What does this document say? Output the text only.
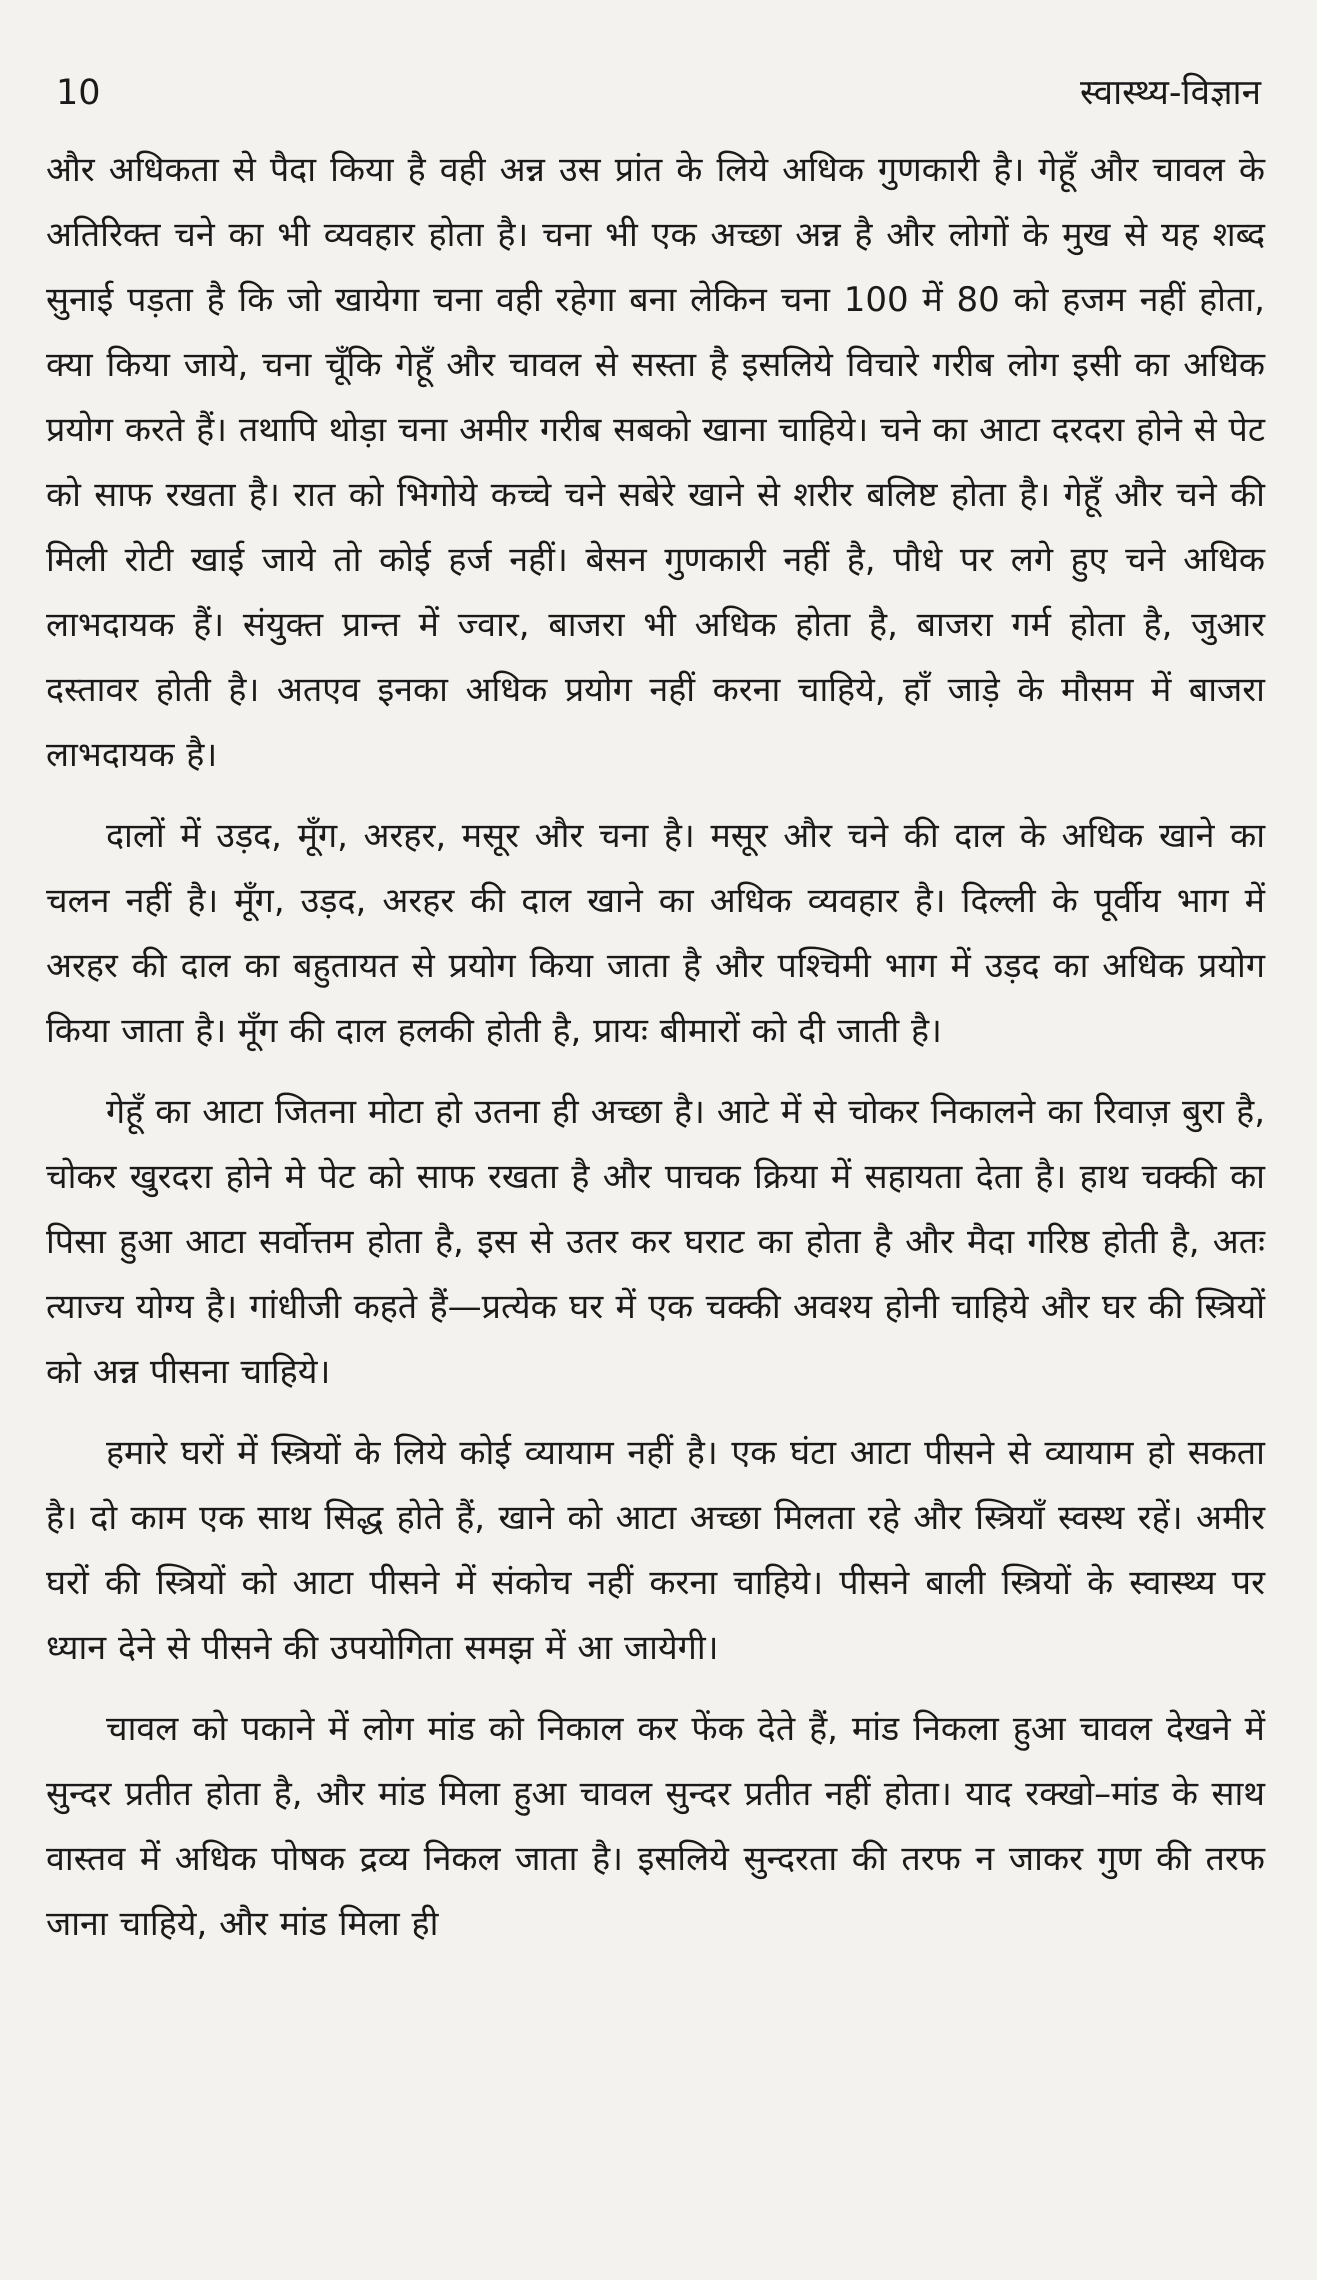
10	स्वास्थ्य-विज्ञान

और अधिकता से पैदा किया है वही अन्न उस प्रांत के लिये अधिक गुणकारी है। गेहूँ और चावल के अतिरिक्त चने का भी व्यवहार होता है। चना भी एक अच्छा अन्न है और लोगों के मुख से यह शब्द सुनाई पड़ता है कि जो खायेगा चना वही रहेगा बना लेकिन चना 100 में 80 को हजम नहीं होता, क्या किया जाये, चना चूँकि गेहूँ और चावल से सस्ता है इसलिये विचारे गरीब लोग इसी का अधिक प्रयोग करते हैं। तथापि थोड़ा चना अमीर गरीब सबको खाना चाहिये। चने का आटा दरदरा होने से पेट को साफ रखता है। रात को भिगोये कच्चे चने सबेरे खाने से शरीर बलिष्ट होता है। गेहूँ और चने की मिली रोटी खाई जाये तो कोई हर्ज नहीं। बेसन गुणकारी नहीं है, पौधे पर लगे हुए चने अधिक लाभदायक हैं। संयुक्त प्रान्त में ज्वार, बाजरा भी अधिक होता है, बाजरा गर्म होता है, जुआर दस्तावर होती है। अतएव इनका अधिक प्रयोग नहीं करना चाहिये, हाँ जाड़े के मौसम में बाजरा लाभदायक है।

दालों में उड़द, मूँग, अरहर, मसूर और चना है। मसूर और चने की दाल के अधिक खाने का चलन नहीं है। मूँग, उड़द, अरहर की दाल खाने का अधिक व्यवहार है। दिल्ली के पूर्वीय भाग में अरहर की दाल का बहुतायत से प्रयोग किया जाता है और पश्चिमी भाग में उड़द का अधिक प्रयोग किया जाता है। मूँग की दाल हलकी होती है, प्रायः बीमारों को दी जाती है।

गेहूँ का आटा जितना मोटा हो उतना ही अच्छा है। आटे में से चोकर निकालने का रिवाज़ बुरा है, चोकर खुरदरा होने मे पेट को साफ रखता है और पाचक क्रिया में सहायता देता है। हाथ चक्की का पिसा हुआ आटा सर्वोत्तम होता है, इस से उतर कर घराट का होता है और मैदा गरिष्ठ होती है, अतः त्याज्य योग्य है। गांधीजी कहते हैं—प्रत्येक घर में एक चक्की अवश्य होनी चाहिये और घर की स्त्रियों को अन्न पीसना चाहिये।

हमारे घरों में स्त्रियों के लिये कोई व्यायाम नहीं है। एक घंटा आटा पीसने से व्यायाम हो सकता है। दो काम एक साथ सिद्ध होते हैं, खाने को आटा अच्छा मिलता रहे और स्त्रियाँ स्वस्थ रहें। अमीर घरों की स्त्रियों को आटा पीसने में संकोच नहीं करना चाहिये। पीसने बाली स्त्रियों के स्वास्थ्य पर ध्यान देने से पीसने की उपयोगिता समझ में आ जायेगी।

चावल को पकाने में लोग मांड को निकाल कर फेंक देते हैं, मांड निकला हुआ चावल देखने में सुन्दर प्रतीत होता है, और मांड मिला हुआ चावल सुन्दर प्रतीत नहीं होता। याद रक्खो–मांड के साथ वास्तव में अधिक पोषक द्रव्य निकल जाता है। इसलिये सुन्दरता की तरफ न जाकर गुण की तरफ जाना चाहिये, और मांड मिला ही
